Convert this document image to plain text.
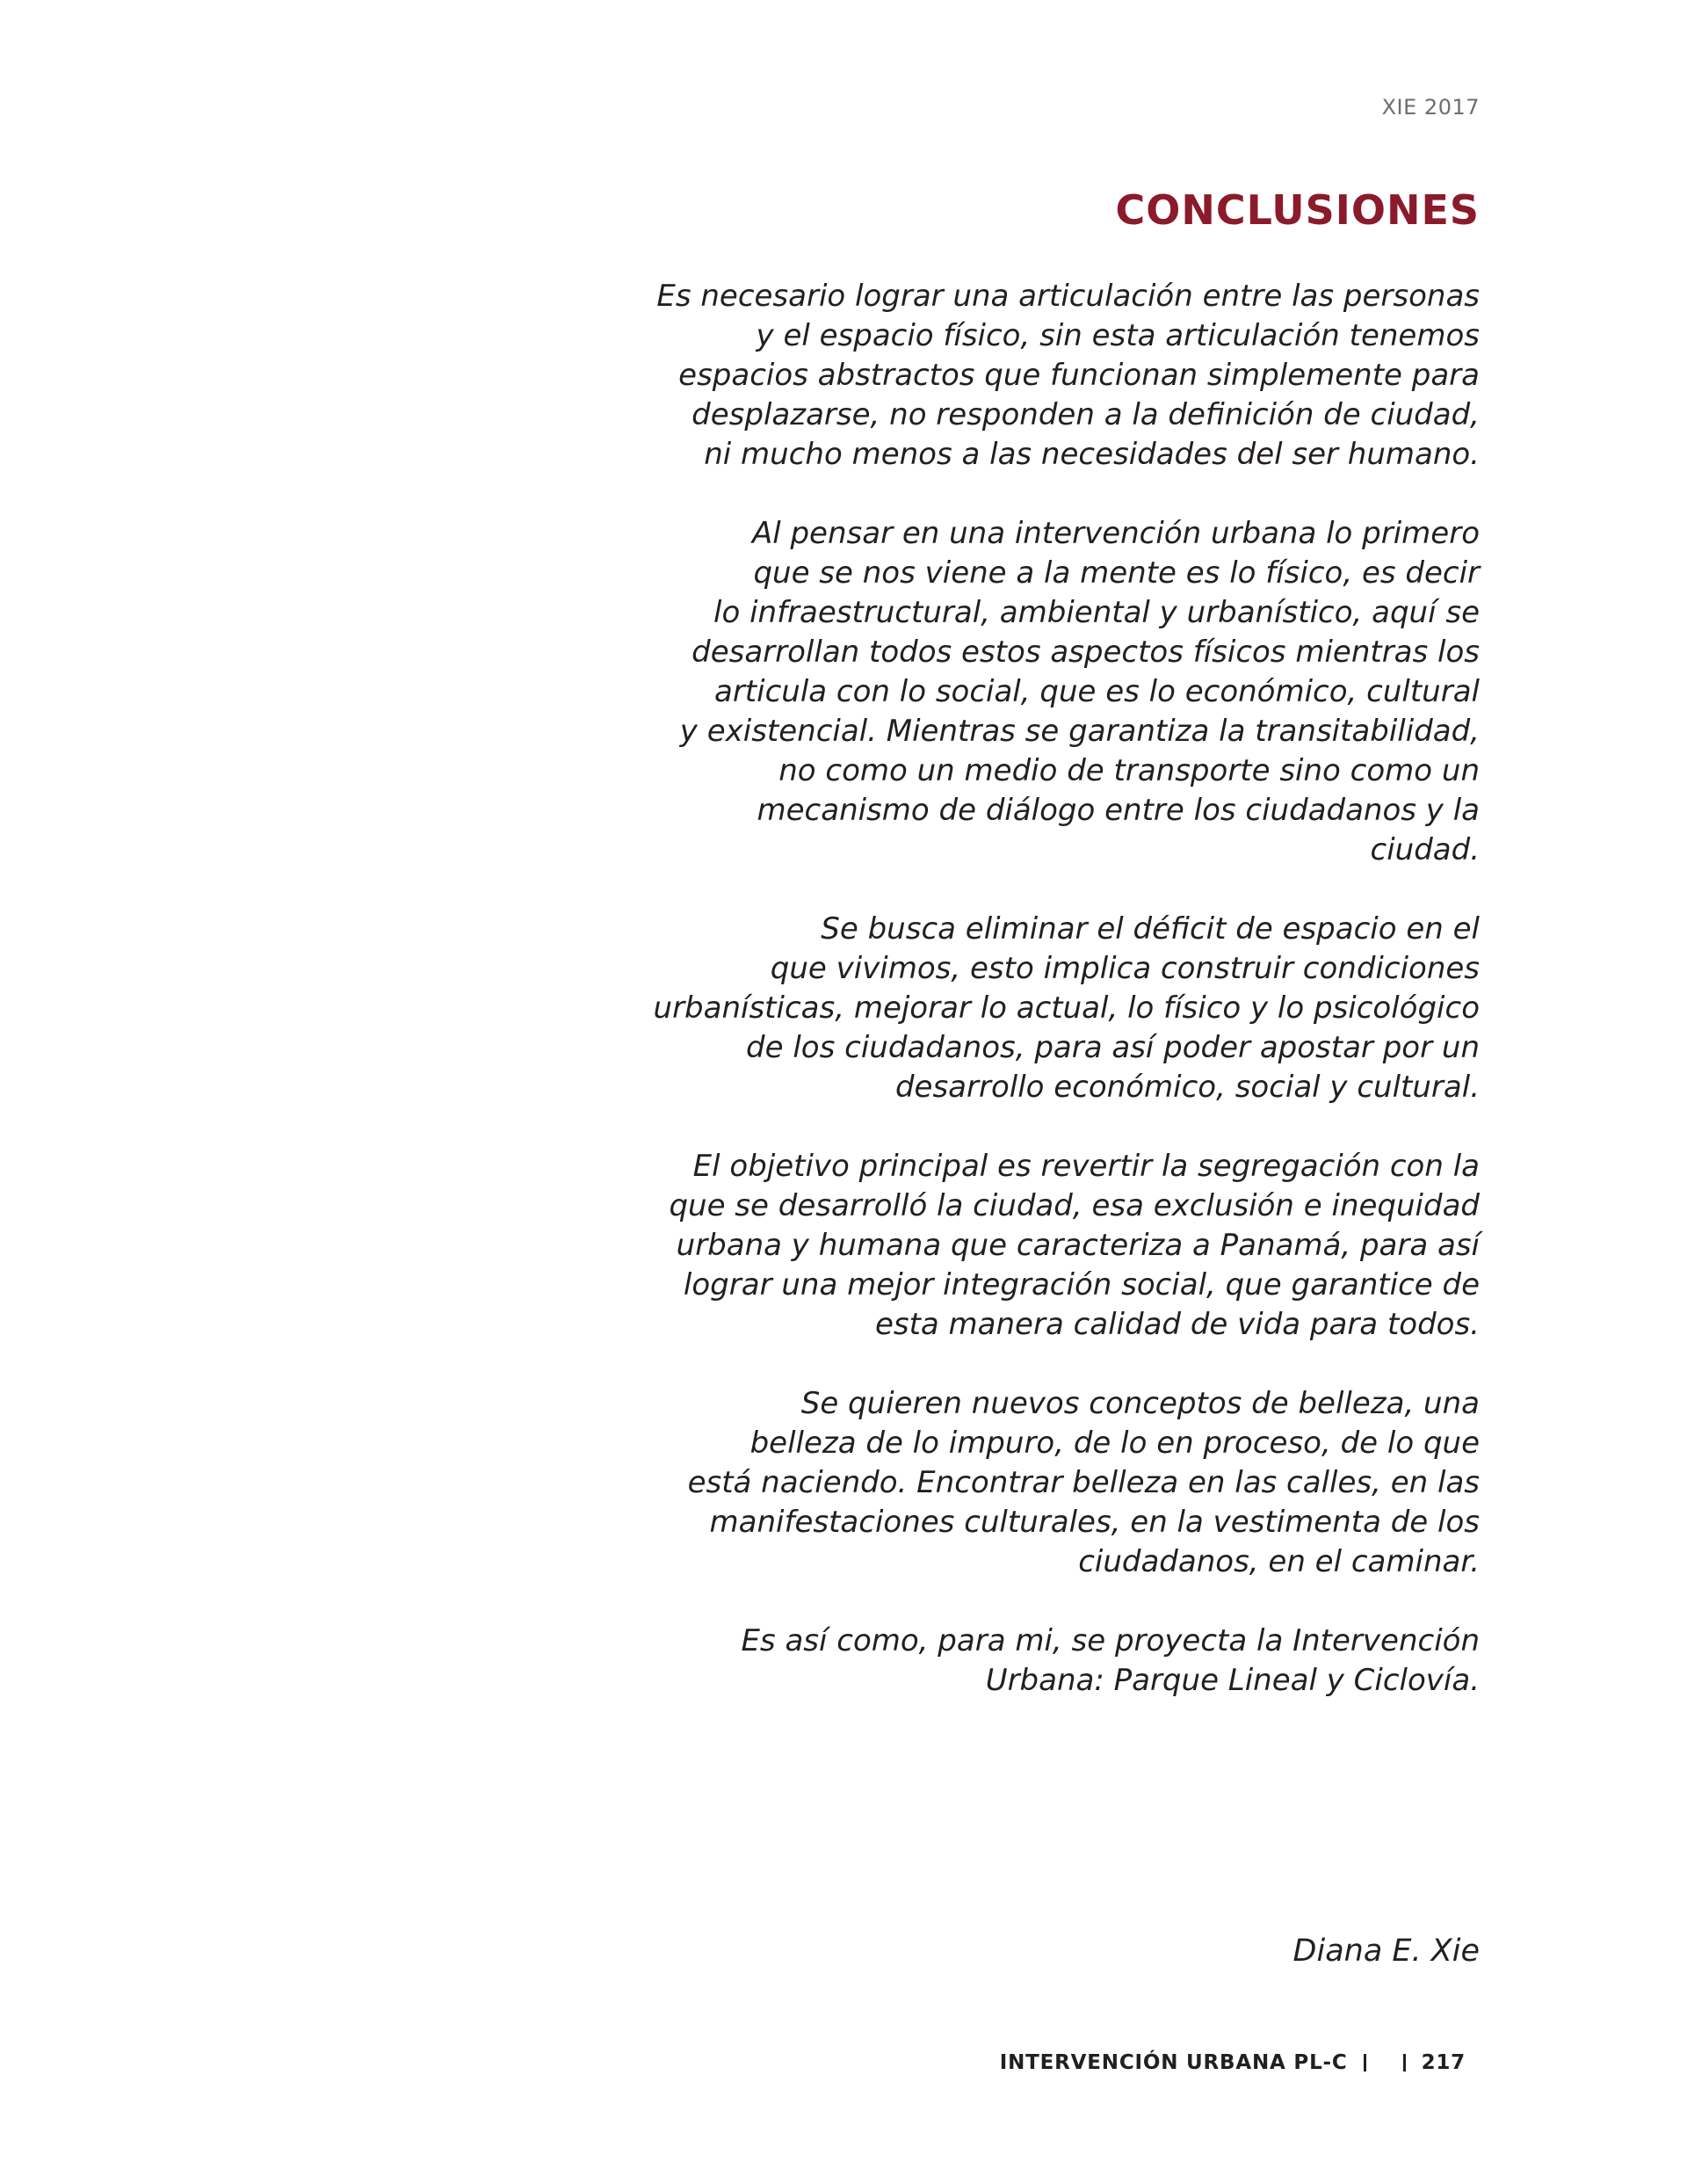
XIE 2017
CONCLUSIONES

Es necesario lograr una articulación entre las personas
y el espacio físico, sin esta articulación tenemos
espacios abstractos que funcionan simplemente para
desplazarse, no responden a la definición de ciudad,
ni mucho menos a las necesidades del ser humano.

Al pensar en una intervención urbana lo primero
que se nos viene a la mente es lo físico, es decir
lo infraestructural, ambiental y urbanístico, aquí se
desarrollan todos estos aspectos físicos mientras los
articula con lo social, que es lo económico, cultural
y existencial. Mientras se garantiza la transitabilidad,
no como un medio de transporte sino como un
mecanismo de diálogo entre los ciudadanos y la
ciudad.

Se busca eliminar el déficit de espacio en el
que vivimos, esto implica construir condiciones
urbanísticas, mejorar lo actual, lo físico y lo psicológico
de los ciudadanos, para así poder apostar por un
desarrollo económico, social y cultural.

El objetivo principal es revertir la segregación con la
que se desarrolló la ciudad, esa exclusión e inequidad
urbana y humana que caracteriza a Panamá, para así
lograr una mejor integración social, que garantice de
esta manera calidad de vida para todos.

Se quieren nuevos conceptos de belleza, una
belleza de lo impuro, de lo en proceso, de lo que
está naciendo. Encontrar belleza en las calles, en las
manifestaciones culturales, en la vestimenta de los
ciudadanos, en el caminar.

Es así como, para mi, se proyecta la Intervención
Urbana: Parque Lineal y Ciclovía.

Diana E. Xie
INTERVENCIÓN URBANA PL-C	217
